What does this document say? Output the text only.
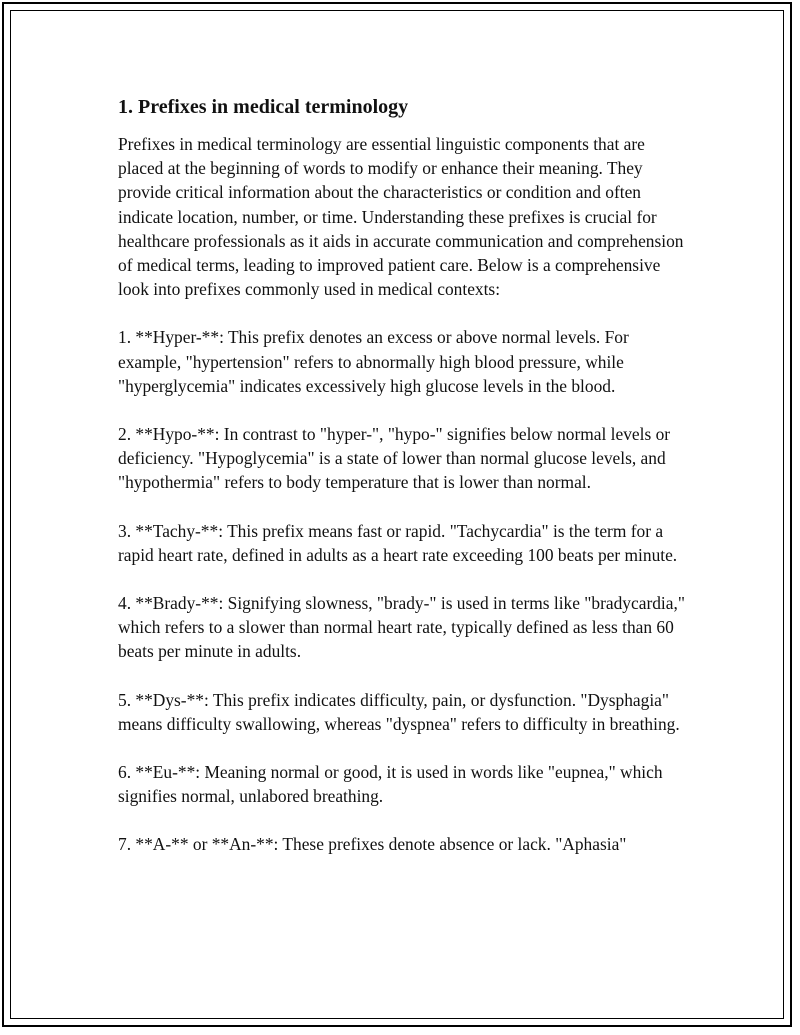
1. Prefixes in medical terminology

Prefixes in medical terminology are essential linguistic components that are placed at the beginning of words to modify or enhance their meaning. They provide critical information about the characteristics or condition and often indicate location, number, or time. Understanding these prefixes is crucial for healthcare professionals as it aids in accurate communication and comprehension of medical terms, leading to improved patient care. Below is a comprehensive look into prefixes commonly used in medical contexts:

1. **Hyper-**: This prefix denotes an excess or above normal levels. For example, "hypertension" refers to abnormally high blood pressure, while "hyperglycemia" indicates excessively high glucose levels in the blood.

2. **Hypo-**: In contrast to "hyper-", "hypo-" signifies below normal levels or deficiency. "Hypoglycemia" is a state of lower than normal glucose levels, and "hypothermia" refers to body temperature that is lower than normal.

3. **Tachy-**: This prefix means fast or rapid. "Tachycardia" is the term for a rapid heart rate, defined in adults as a heart rate exceeding 100 beats per minute.

4. **Brady-**: Signifying slowness, "brady-" is used in terms like "bradycardia," which refers to a slower than normal heart rate, typically defined as less than 60 beats per minute in adults.

5. **Dys-**: This prefix indicates difficulty, pain, or dysfunction. "Dysphagia" means difficulty swallowing, whereas "dyspnea" refers to difficulty in breathing.

6. **Eu-**: Meaning normal or good, it is used in words like "eupnea," which signifies normal, unlabored breathing.

7. **A-** or **An-**: These prefixes denote absence or lack. "Aphasia"
